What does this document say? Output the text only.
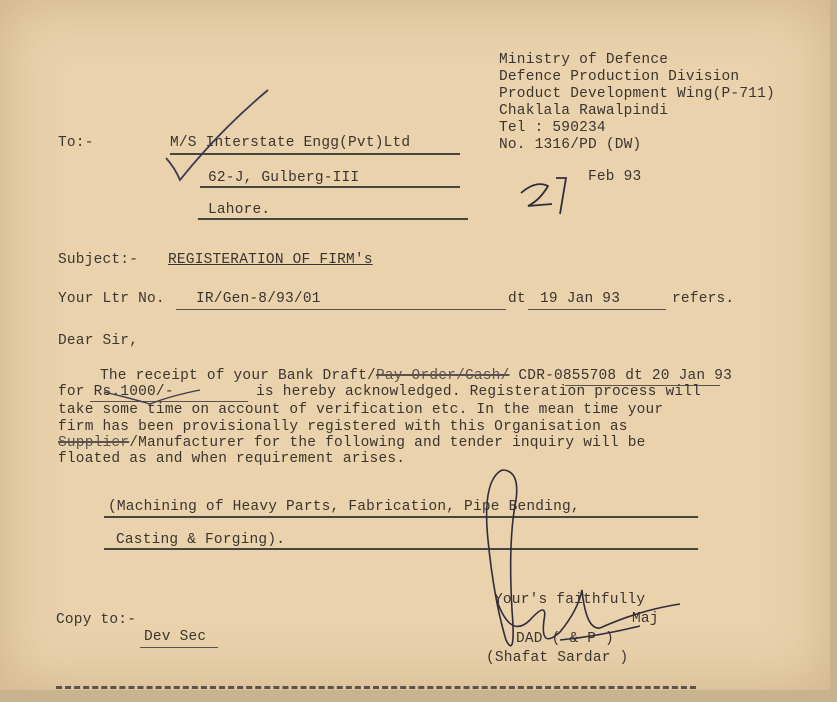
Ministry of Defence
Defence Production Division
Product Development Wing(P-711)
Chaklala Rawalpindi
Tel : 590234
No. 1316/PD (DW)
Feb 93
To:-	M/S Interstate Engg(Pvt)Ltd
62-J, Gulberg-III
Lahore.
Subject:- REGISTERATION OF FIRM's
Your Ltr No. IR/Gen-8/93/01	dt 19 Jan 93	refers.
Dear Sir,
The receipt of your Bank Draft/Pay Order/Cash/ CDR-0855708 dt 20 Jan 93
for Rs.1000/-	is hereby acknowledged. Registeration process will
take some time on account of verification etc. In the mean time your
firm has been provisionally registered with this Organisation as
Supplier/Manufacturer for the following and tender inquiry will be
floated as and when requirement arises.
(Machining of Heavy Parts, Fabrication, Pipe Bending,
Casting & Forging).
Your's faithfully
Maj
DAD ( & P )
(Shafat Sardar )
Copy to:-
Dev Sec
